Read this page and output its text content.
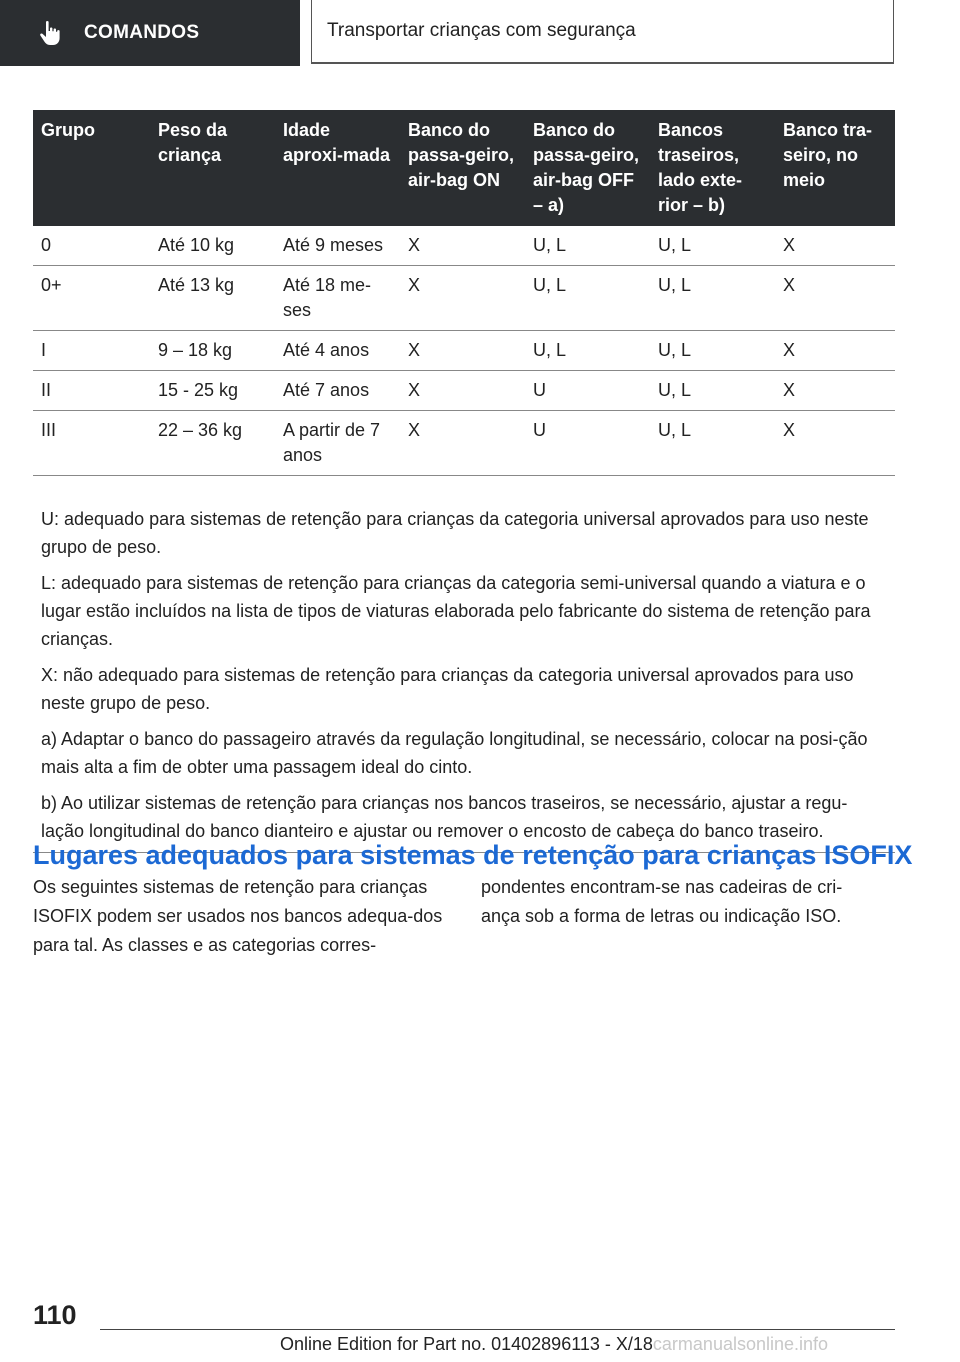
COMANDOS	Transportar crianças com segurança
Grupo	Peso da criança	Idade aproxi-mada	Banco do passa-geiro, air-bag ON	Banco do passa-geiro, air-bag OFF – a)	Bancos traseiros, lado exte-rior – b)	Banco tra-seiro, no meio
0	Até 10 kg	Até 9 meses	X	U, L	U, L	X
0+	Até 13 kg	Até 18 me-ses	X	U, L	U, L	X
I	9 – 18 kg	Até 4 anos	X	U, L	U, L	X
II	15 - 25 kg	Até 7 anos	X	U	U, L	X
III	22 – 36 kg	A partir de 7 anos	X	U	U, L	X

U: adequado para sistemas de retenção para crianças da categoria universal aprovados para uso neste grupo de peso.

L: adequado para sistemas de retenção para crianças da categoria semi-universal quando a viatura e o lugar estão incluídos na lista de tipos de viaturas elaborada pelo fabricante do sistema de retenção para crianças.

X: não adequado para sistemas de retenção para crianças da categoria universal aprovados para uso neste grupo de peso.

a) Adaptar o banco do passageiro através da regulação longitudinal, se necessário, colocar na posi-ção mais alta a fim de obter uma passagem ideal do cinto.

b) Ao utilizar sistemas de retenção para crianças nos bancos traseiros, se necessário, ajustar a regu-lação longitudinal do banco dianteiro e ajustar ou remover o encosto de cabeça do banco traseiro.

Lugares adequados para sistemas de retenção para crianças ISOFIX
Os seguintes sistemas de retenção para crianças ISOFIX podem ser usados nos bancos adequa-dos para tal. As classes e as categorias corres-
pondentes encontram-se nas cadeiras de cri-ança sob a forma de letras ou indicação ISO.
110
Online Edition for Part no. 01402896113 - X/18carmanualsonline.info
